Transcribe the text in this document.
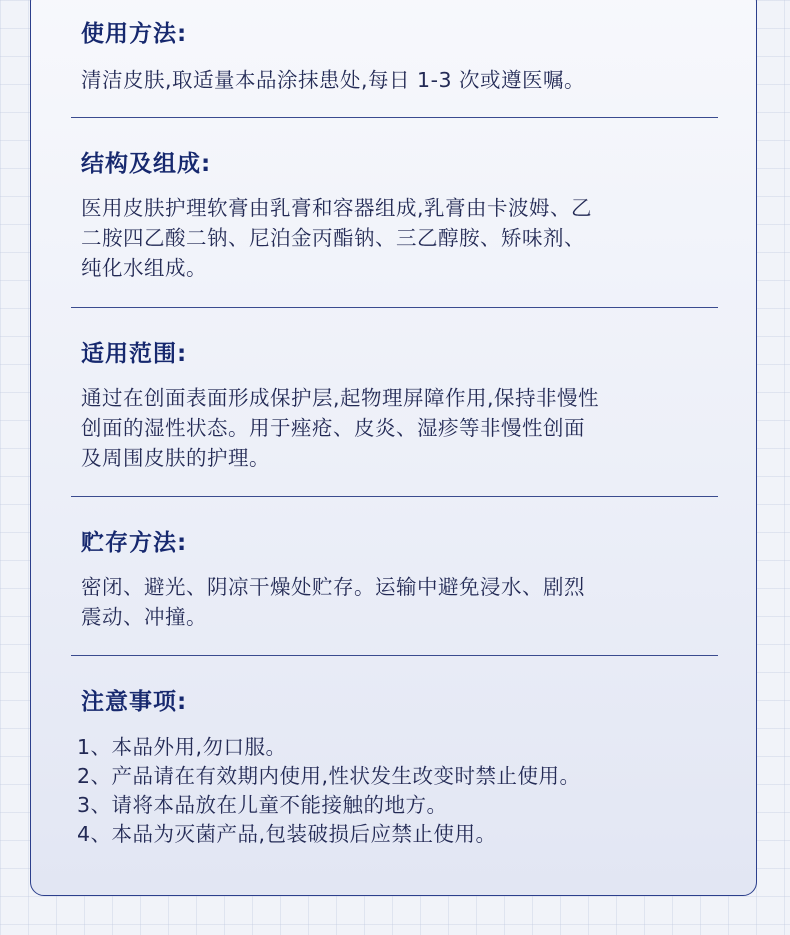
使用方法:
清洁皮肤,取适量本品涂抹患处,每日 1-3 次或遵医嘱。
结构及组成:
医用皮肤护理软膏由乳膏和容器组成,乳膏由卡波姆、乙
二胺四乙酸二钠、尼泊金丙酯钠、三乙醇胺、矫味剂、
纯化水组成。
适用范围:
通过在创面表面形成保护层,起物理屏障作用,保持非慢性
创面的湿性状态。用于痤疮、皮炎、湿疹等非慢性创面
及周围皮肤的护理。
贮存方法:
密闭、避光、阴凉干燥处贮存。运输中避免浸水、剧烈
震动、冲撞。
注意事项:
1、本品外用,勿口服。
2、产品请在有效期内使用,性状发生改变时禁止使用。
3、请将本品放在儿童不能接触的地方。
4、本品为灭菌产品,包装破损后应禁止使用。
